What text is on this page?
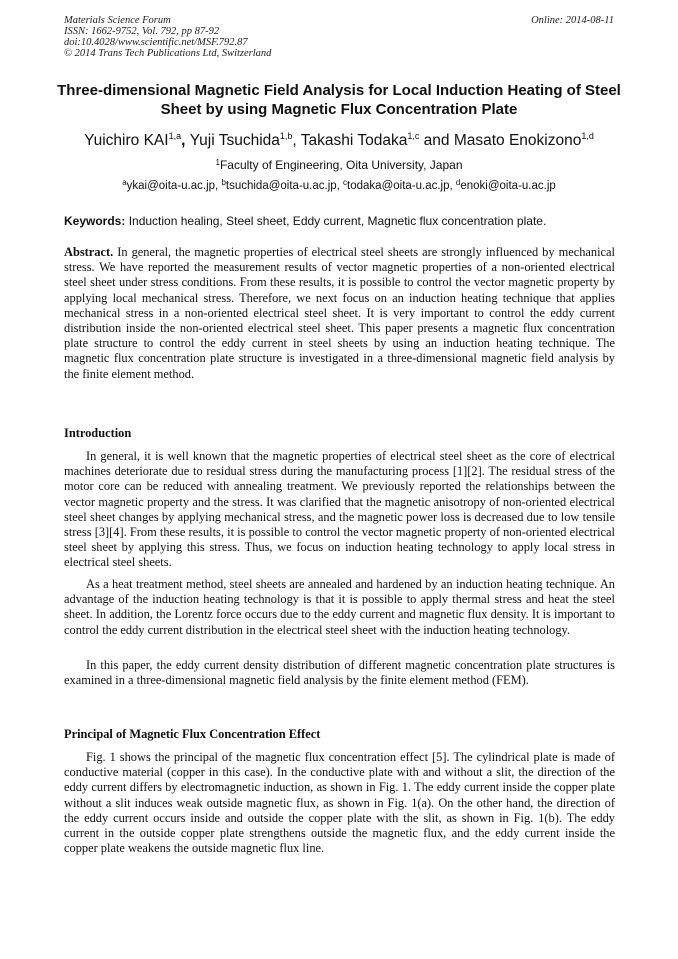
Materials Science Forum
ISSN: 1662-9752, Vol. 792, pp 87-92
doi:10.4028/www.scientific.net/MSF.792.87
© 2014 Trans Tech Publications Ltd, Switzerland
Online: 2014-08-11
Three-dimensional Magnetic Field Analysis for Local Induction Heating of Steel Sheet by using Magnetic Flux Concentration Plate
Yuichiro KAI$^{1,a}$, Yuji Tsuchida$^{1,b}$, Takashi Todaka$^{1,c}$ and Masato Enokizono$^{1,d}$
$^1$Faculty of Engineering, Oita University, Japan
$^a$ykai@oita-u.ac.jp, $^b$tsuchida@oita-u.ac.jp, $^c$todaka@oita-u.ac.jp, $^d$enoki@oita-u.ac.jp
Keywords: Induction healing, Steel sheet, Eddy current, Magnetic flux concentration plate.
Abstract. In general, the magnetic properties of electrical steel sheets are strongly influenced by mechanical stress. We have reported the measurement results of vector magnetic properties of a non-oriented electrical steel sheet under stress conditions. From these results, it is possible to control the vector magnetic property by applying local mechanical stress. Therefore, we next focus on an induction heating technique that applies mechanical stress in a non-oriented electrical steel sheet. It is very important to control the eddy current distribution inside the non-oriented electrical steel sheet. This paper presents a magnetic flux concentration plate structure to control the eddy current in steel sheets by using an induction heating technique. The magnetic flux concentration plate structure is investigated in a three-dimensional magnetic field analysis by the finite element method.
Introduction
In general, it is well known that the magnetic properties of electrical steel sheet as the core of electrical machines deteriorate due to residual stress during the manufacturing process [1][2]. The residual stress of the motor core can be reduced with annealing treatment. We previously reported the relationships between the vector magnetic property and the stress. It was clarified that the magnetic anisotropy of non-oriented electrical steel sheet changes by applying mechanical stress, and the magnetic power loss is decreased due to low tensile stress [3][4]. From these results, it is possible to control the vector magnetic property of non-oriented electrical steel sheet by applying this stress. Thus, we focus on induction heating technology to apply local stress in electrical steel sheets.
As a heat treatment method, steel sheets are annealed and hardened by an induction heating technique. An advantage of the induction heating technology is that it is possible to apply thermal stress and heat the steel sheet. In addition, the Lorentz force occurs due to the eddy current and magnetic flux density. It is important to control the eddy current distribution in the electrical steel sheet with the induction heating technology.
In this paper, the eddy current density distribution of different magnetic concentration plate structures is examined in a three-dimensional magnetic field analysis by the finite element method (FEM).
Principal of Magnetic Flux Concentration Effect
Fig. 1 shows the principal of the magnetic flux concentration effect [5]. The cylindrical plate is made of conductive material (copper in this case). In the conductive plate with and without a slit, the direction of the eddy current differs by electromagnetic induction, as shown in Fig. 1. The eddy current inside the copper plate without a slit induces weak outside magnetic flux, as shown in Fig. 1(a). On the other hand, the direction of the eddy current occurs inside and outside the copper plate with the slit, as shown in Fig. 1(b). The eddy current in the outside copper plate strengthens outside the magnetic flux, and the eddy current inside the copper plate weakens the outside magnetic flux line.
